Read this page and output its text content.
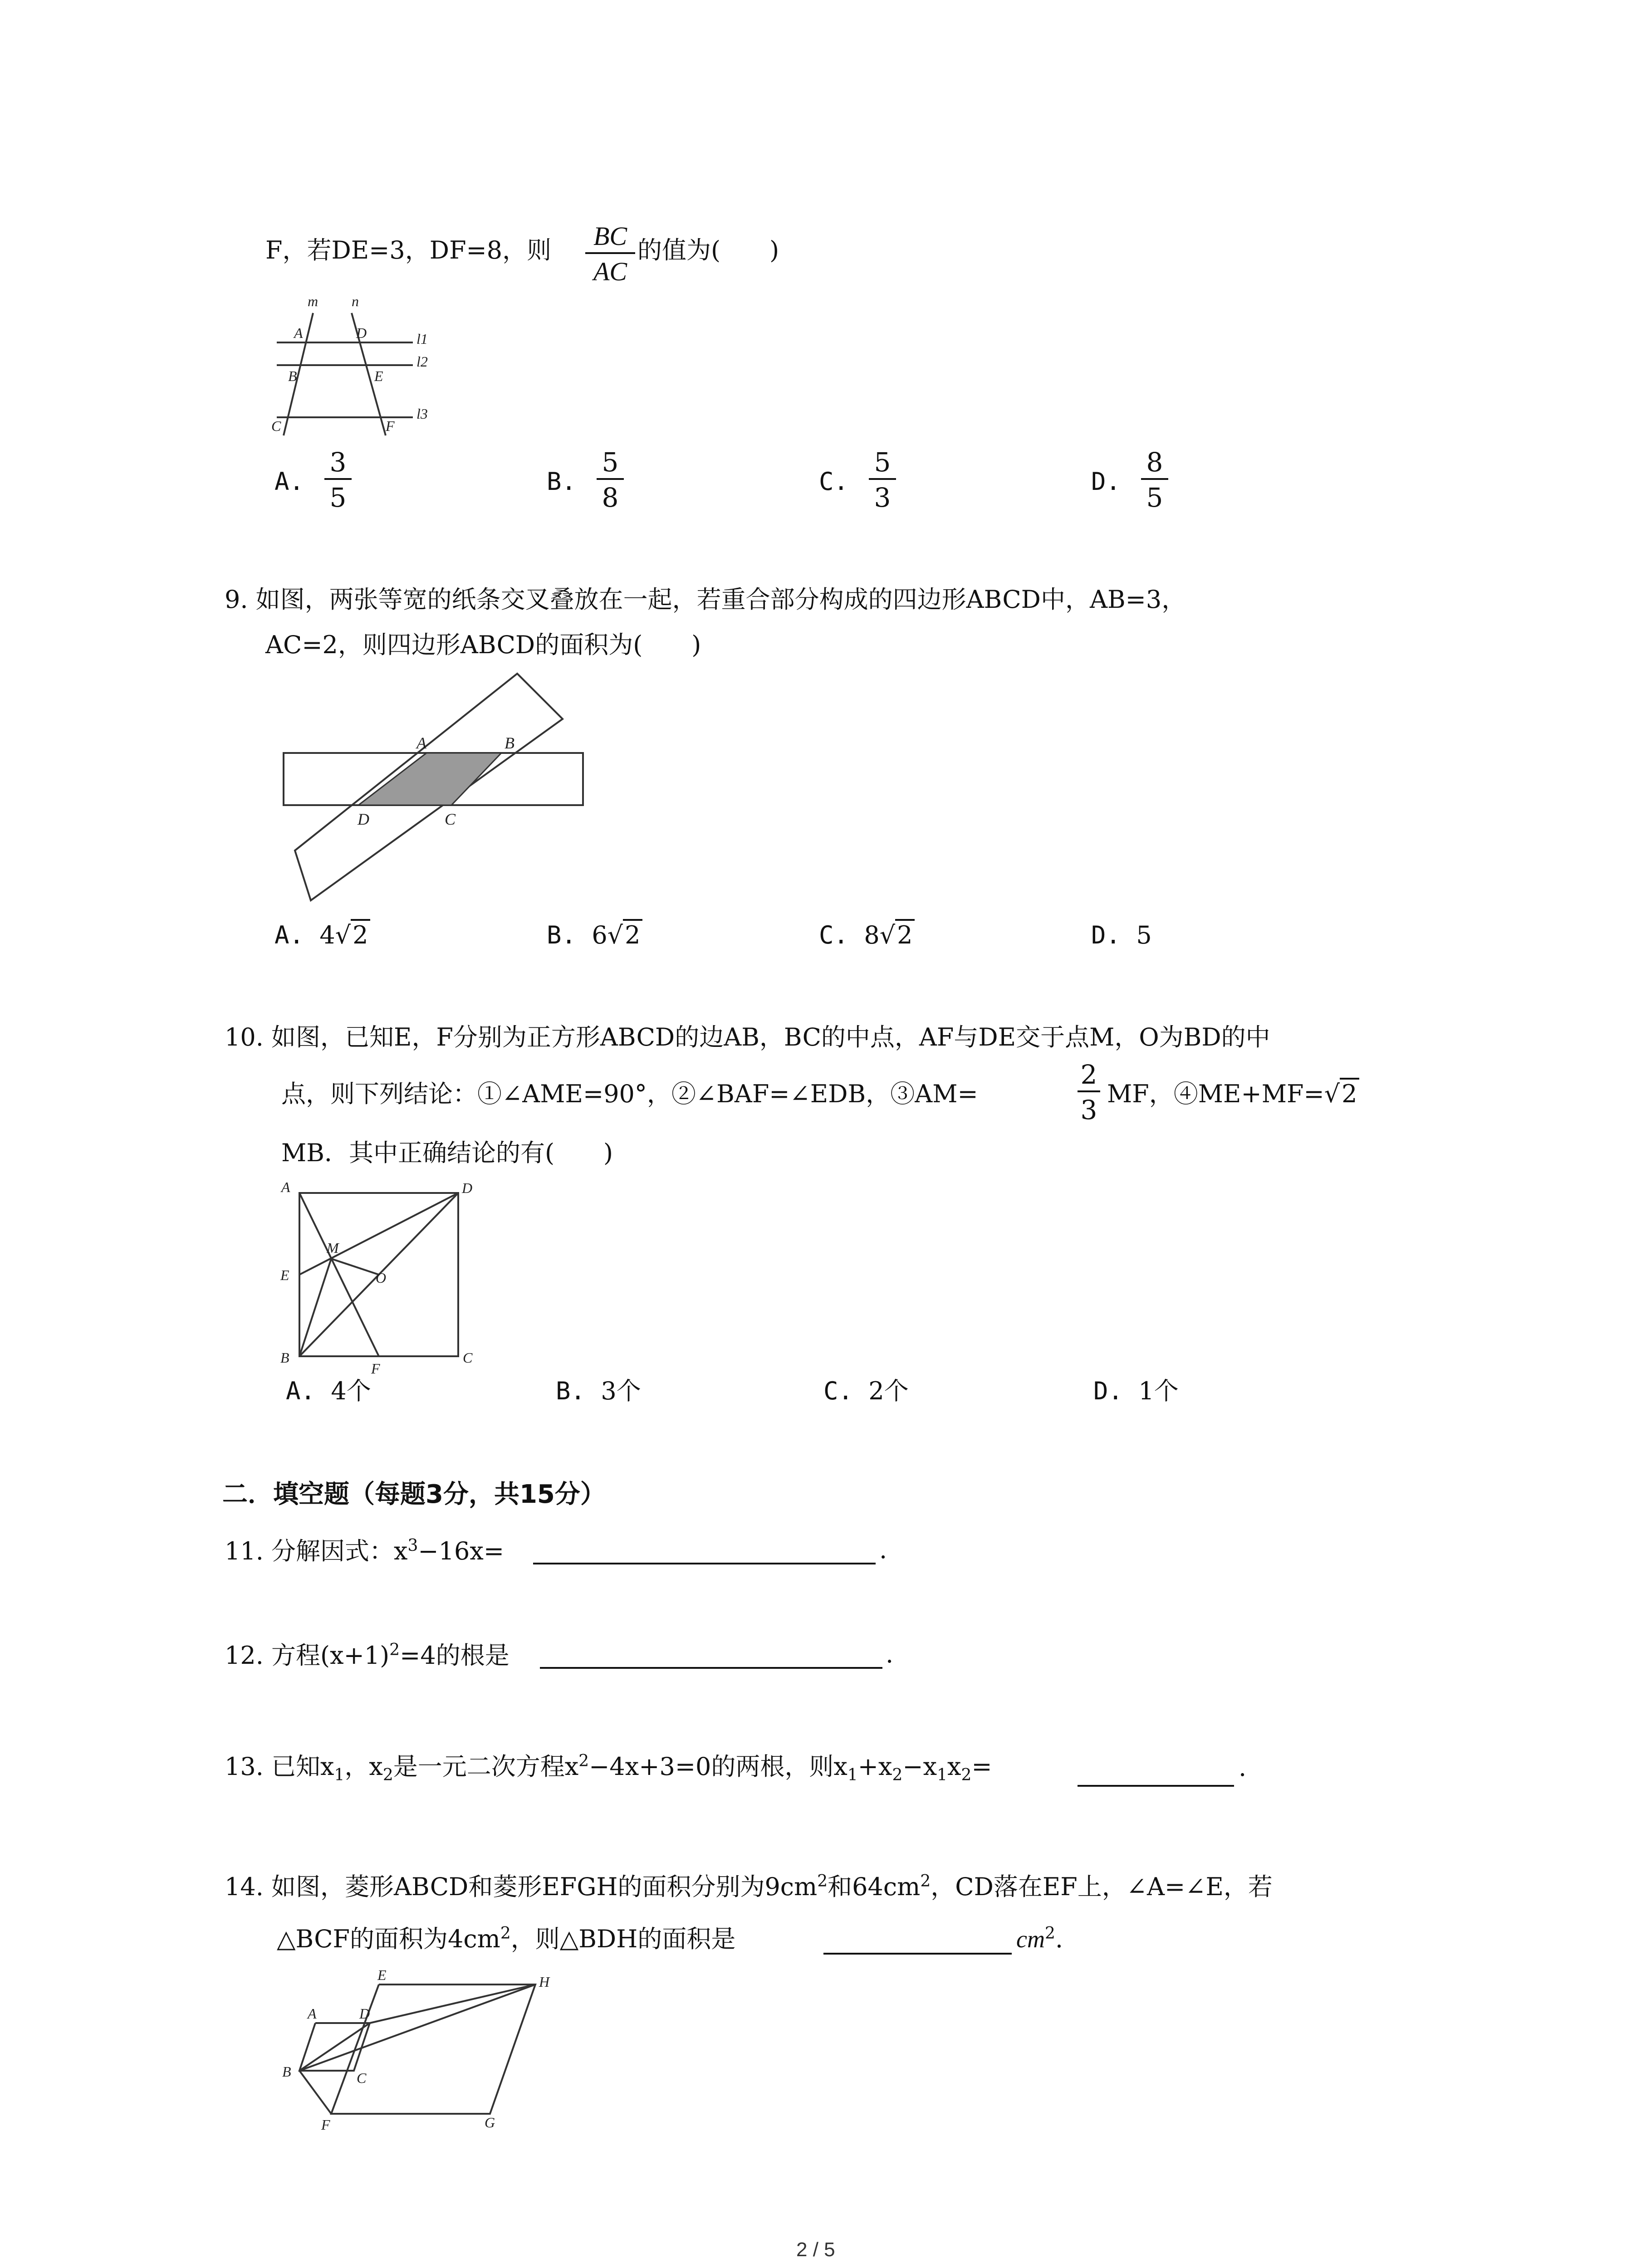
F，若DE=3，DF=8，则	BC
AC
的值为(　　)
m n
A	D
B	E
C	F
l1
l2
l3
A.
3
5
B.
5
8
C.
5
3
D.
8
5
9. 如图，两张等宽的纸条交叉叠放在一起，若重合部分构成的四边形ABCD中，AB=3，
AC=2，则四边形ABCD的面积为(　　)
A	B
D	C
A. 4√2	B. 6√2	C. 8√2	D. 5
10. 如图，已知E，F分别为正方形ABCD的边AB，BC的中点，AF与DE交于点M，O为BD的中
点，则下列结论：①∠AME=90°，②∠BAF=∠EDB，③AM=
2
3
MF，④ME+MF=√2
MB．其中正确结论的有(　　)
A	D
M
E	O
B
F
C
A. 4个	B. 3个	C. 2个	D. 1个
二．填空题（每题3分，共15分）
11. 分解因式：$x^3-16x=$	.
12. 方程$(x+1)^2=4$的根是	.
13. 已知$x_1$，$x_2$是一元二次方程$x^2-4x+3=0$的两根，则$x_1+x_2-x_1x_2=$	.
14. 如图，菱形ABCD和菱形EFGH的面积分别为$9cm^2$和$64cm^2$，CD落在EF上，∠A=∠E，若
△BCF的面积为$4cm^2$，则△BDH的面积是	$cm^2$.
E	H
A	D
B	C
F	G
2 / 5
